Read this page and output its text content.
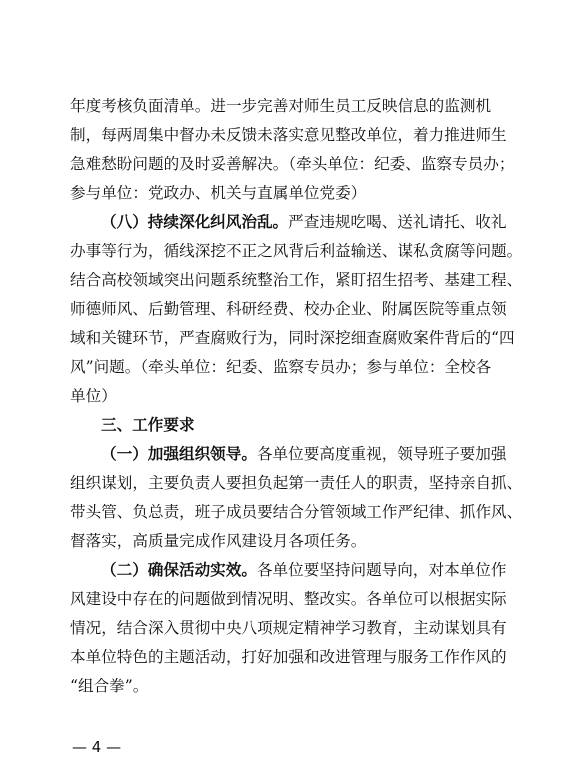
年度考核负面清单。进一步完善对师生员工反映信息的监测机
制，每两周集中督办未反馈未落实意见整改单位，着力推进师生
急难愁盼问题的及时妥善解决。（牵头单位：纪委、监察专员办；
参与单位：党政办、机关与直属单位党委）

（八）持续深化纠风治乱。严查违规吃喝、送礼请托、收礼
办事等行为，循线深挖不正之风背后利益输送、谋私贪腐等问题。
结合高校领域突出问题系统整治工作，紧盯招生招考、基建工程、
师德师风、后勤管理、科研经费、校办企业、附属医院等重点领
域和关键环节，严查腐败行为，同时深挖细查腐败案件背后的“四
风”问题。（牵头单位：纪委、监察专员办；参与单位：全校各
单位）

三、工作要求

（一）加强组织领导。各单位要高度重视，领导班子要加强
组织谋划，主要负责人要担负起第一责任人的职责，坚持亲自抓、
带头管、负总责，班子成员要结合分管领域工作严纪律、抓作风、
督落实，高质量完成作风建设月各项任务。

（二）确保活动实效。各单位要坚持问题导向，对本单位作
风建设中存在的问题做到情况明、整改实。各单位可以根据实际
情况，结合深入贯彻中央八项规定精神学习教育，主动谋划具有
本单位特色的主题活动，打好加强和改进管理与服务工作作风的
“组合拳”。

— 4 —
